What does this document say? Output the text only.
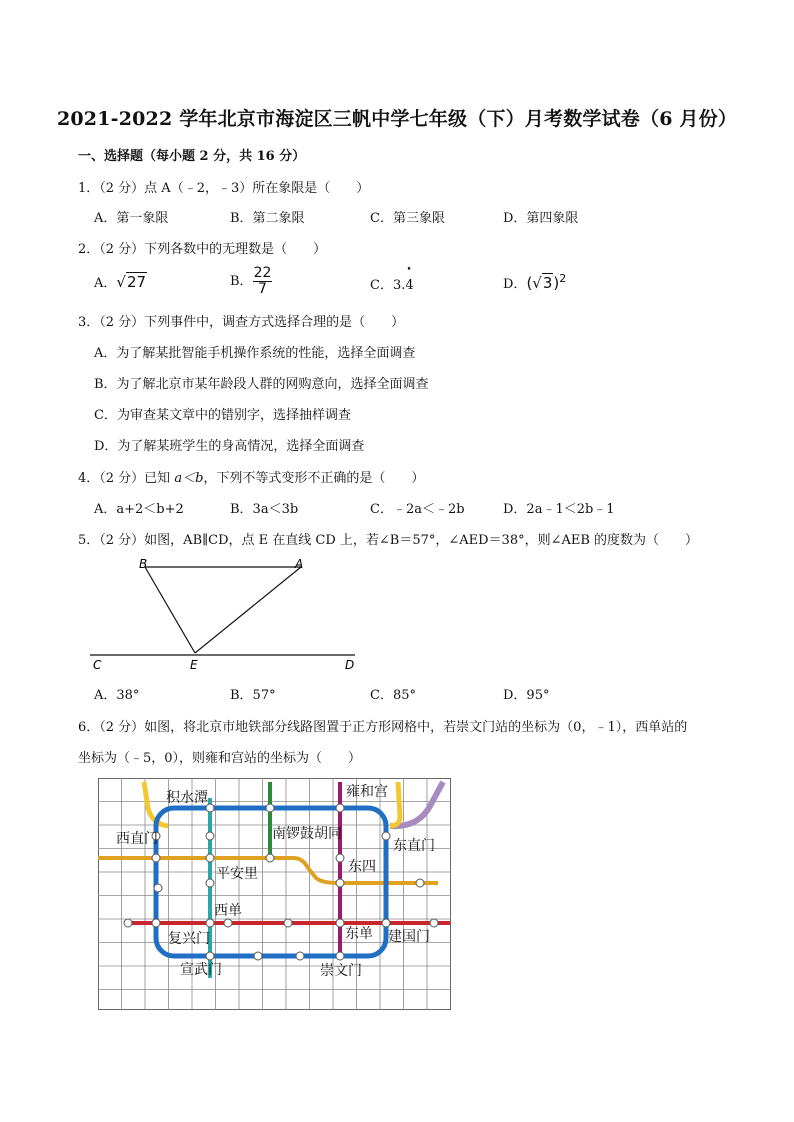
2021-2022 学年北京市海淀区三帆中学七年级（下）月考数学试卷（6 月份）
一、选择题（每小题 2 分，共 16 分）
1．（2 分）点 A（﹣2，﹣3）所在象限是（　　）
A．第一象限	B．第二象限	C．第三象限	D．第四象限
2．（2 分）下列各数中的无理数是（　　）
A．√27	B． $\frac{22}{7}$	C．3.• 4	D．$(√3)^2$
3．（2 分）下列事件中，调查方式选择合理的是（　　）
A．为了解某批智能手机操作系统的性能，选择全面调查
B．为了解北京市某年龄段人群的网购意向，选择全面调查
C．为审查某文章中的错别字，选择抽样调查
D．为了解某班学生的身高情况，选择全面调查
4．（2 分）已知 a＜b，下列不等式变形不正确的是（　　）
A．a+2＜b+2	B．3a＜3b	C．﹣2a＜﹣2b	D．2a﹣1＜2b﹣1
5．（2 分）如图，AB∥CD，点 E 在直线 CD 上，若∠B＝57°，∠AED＝38°，则∠AEB 的度数为（　　）
B	A
C	E	D
A．38°	B．57°	C．85°	D．95°
6．（2 分）如图，将北京市地铁部分线路图置于正方形网格中，若崇文门站的坐标为（0，﹣1），西单站的
坐标为（﹣5，0），则雍和宫站的坐标为（　　）
积水潭	雍和宫
西直门	南锣鼓胡同
东直门
东四
平安里
西单
复兴门	东单 建国门
宣武门	崇文门
